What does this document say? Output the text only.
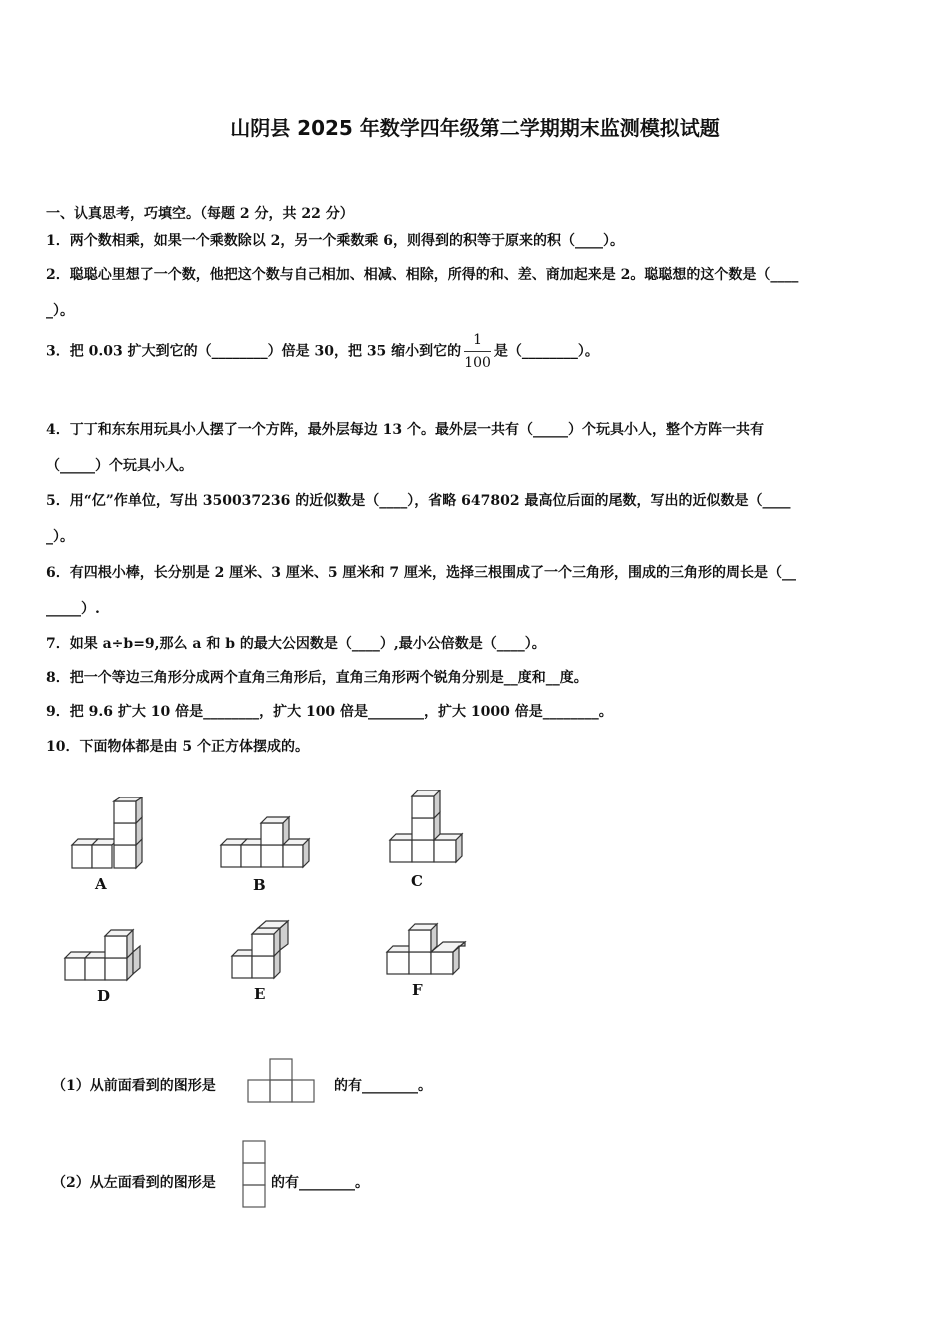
山阴县 2025 年数学四年级第二学期期末监测模拟试题
一、认真思考，巧填空。（每题 2 分，共 22 分）
1．两个数相乘，如果一个乘数除以 2，另一个乘数乘 6，则得到的积等于原来的积（____）。
2．聪聪心里想了一个数，他把这个数与自己相加、相减、相除，所得的和、差、商加起来是 2。聪聪想的这个数是（____
_）。
3．把 0.03 扩大到它的（________）倍是 30，把 35 缩小到它的 $\frac{1}{100}$ 是（________）。
4．丁丁和东东用玩具小人摆了一个方阵，最外层每边 13 个。最外层一共有（_____）个玩具小人，整个方阵一共有
（_____）个玩具小人。
5．用“亿”作单位，写出 350037236 的近似数是（____），省略 647802 最高位后面的尾数，写出的近似数是（____
_）。
6．有四根小棒，长分别是 2 厘米、3 厘米、5 厘米和 7 厘米，选择三根围成了一个三角形，围成的三角形的周长是（__
_____）.
7．如果 a÷b=9,那么 a 和 b 的最大公因数是（____）,最小公倍数是（____）。
8．把一个等边三角形分成两个直角三角形后，直角三角形两个锐角分别是__度和__度。
9．把 9.6 扩大 10 倍是________，扩大 100 倍是________，扩大 1000 倍是________。
10．下面物体都是由 5 个正方体摆成的。
A	B	C
D	E	F
（1）从前面看到的图形是	的有________。
（2）从左面看到的图形是	的有________。
